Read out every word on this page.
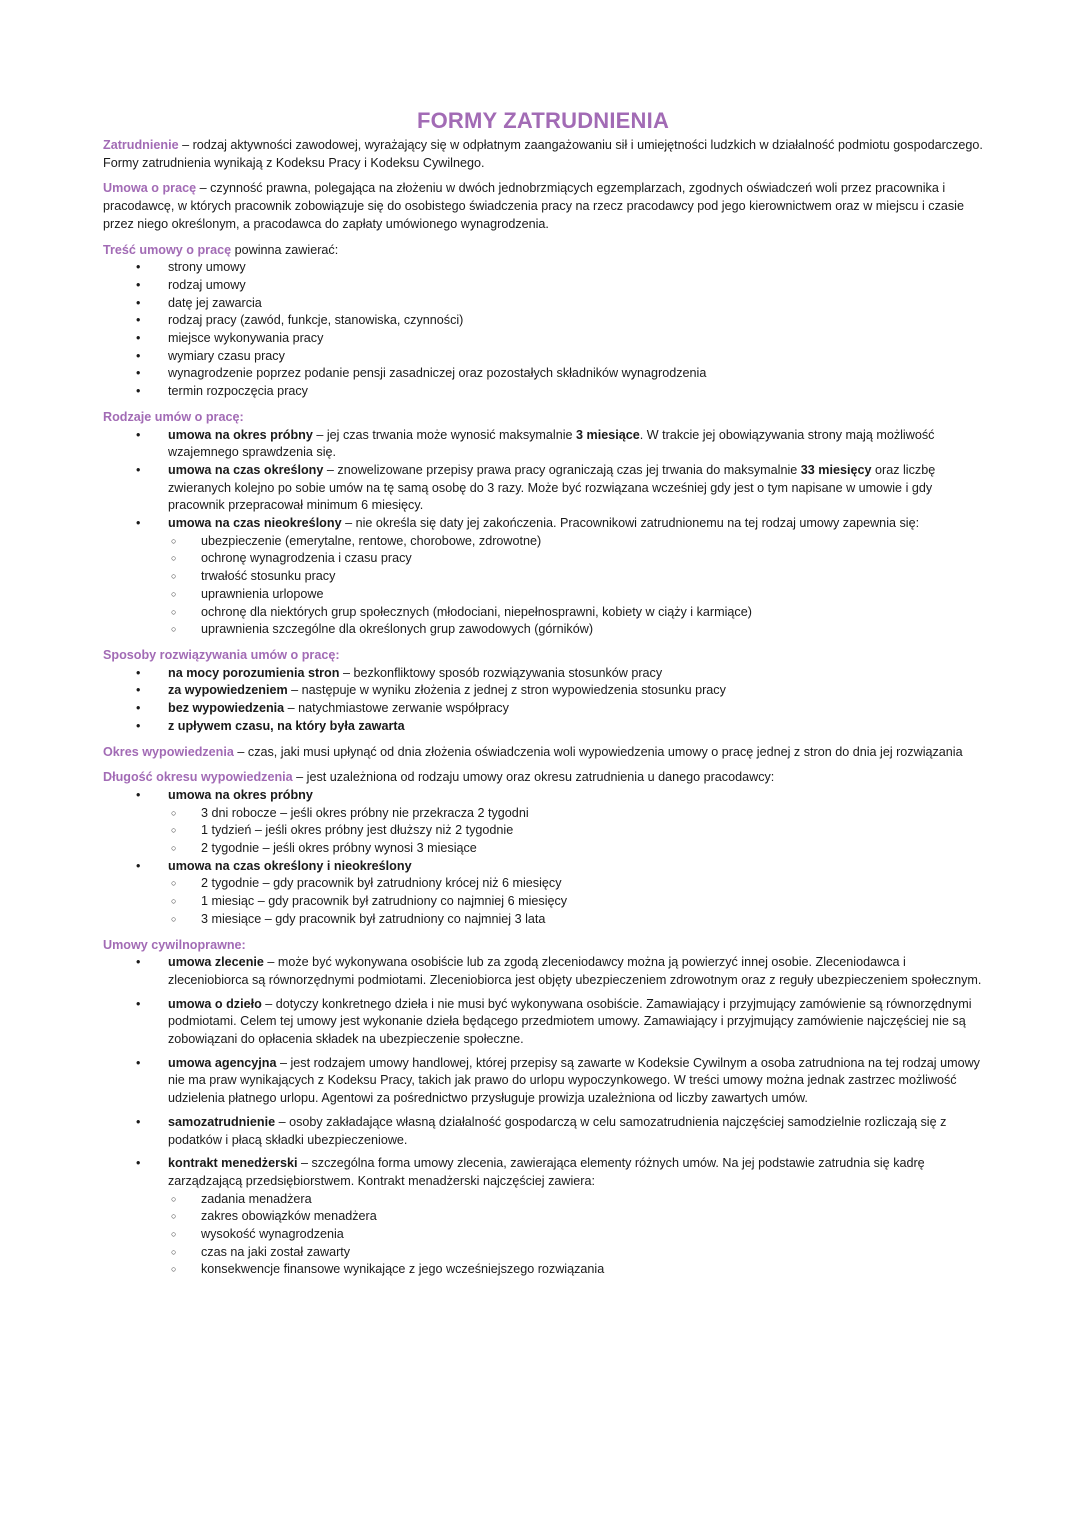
FORMY ZATRUDNIENIA

Zatrudnienie – rodzaj aktywności zawodowej, wyrażający się w odpłatnym zaangażowaniu sił i umiejętności ludzkich w działalność podmiotu gospodarczego. Formy zatrudnienia wynikają z Kodeksu Pracy i Kodeksu Cywilnego.

Umowa o pracę – czynność prawna, polegająca na złożeniu w dwóch jednobrzmiących egzemplarzach, zgodnych oświadczeń woli przez pracownika i pracodawcę, w których pracownik zobowiązuje się do osobistego świadczenia pracy na rzecz pracodawcy pod jego kierownictwem oraz w miejscu i czasie przez niego określonym, a pracodawca do zapłaty umówionego wynagrodzenia.

Treść umowy o pracę powinna zawierać:

• strony umowy
• rodzaj umowy
• datę jej zawarcia
• rodzaj pracy (zawód, funkcje, stanowiska, czynności)
• miejsce wykonywania pracy
• wymiary czasu pracy
• wynagrodzenie poprzez podanie pensji zasadniczej oraz pozostałych składników wynagrodzenia
• termin rozpoczęcia pracy

Rodzaje umów o pracę:

• umowa na okres próbny – jej czas trwania może wynosić maksymalnie 3 miesiące. W trakcie jej obowiązywania strony mają możliwość wzajemnego sprawdzenia się.
• umowa na czas określony – znowelizowane przepisy prawa pracy ograniczają czas jej trwania do maksymalnie 33 miesięcy oraz liczbę zwieranych kolejno po sobie umów na tę samą osobę do 3 razy. Może być rozwiązana wcześniej gdy jest o tym napisane w umowie i gdy pracownik przepracował minimum 6 miesięcy.
• umowa na czas nieokreślony – nie określa się daty jej zakończenia. Pracownikowi zatrudnionemu na tej rodzaj umowy zapewnia się:
○ ubezpieczenie (emerytalne, rentowe, chorobowe, zdrowotne)
○ ochronę wynagrodzenia i czasu pracy
○ trwałość stosunku pracy
○ uprawnienia urlopowe
○ ochronę dla niektórych grup społecznych (młodociani, niepełnosprawni, kobiety w ciąży i karmiące)
○ uprawnienia szczególne dla określonych grup zawodowych (górników)

Sposoby rozwiązywania umów o pracę:

• na mocy porozumienia stron – bezkonfliktowy sposób rozwiązywania stosunków pracy
• za wypowiedzeniem – następuje w wyniku złożenia z jednej z stron wypowiedzenia stosunku pracy
• bez wypowiedzenia – natychmiastowe zerwanie współpracy
• z upływem czasu, na który była zawarta

Okres wypowiedzenia – czas, jaki musi upłynąć od dnia złożenia oświadczenia woli wypowiedzenia umowy o pracę jednej z stron do dnia jej rozwiązania

Długość okresu wypowiedzenia – jest uzależniona od rodzaju umowy oraz okresu zatrudnienia u danego pracodawcy:

• umowa na okres próbny
○ 3 dni robocze – jeśli okres próbny nie przekracza 2 tygodni
○ 1 tydzień – jeśli okres próbny jest dłuższy niż 2 tygodnie
○ 2 tygodnie – jeśli okres próbny wynosi 3 miesiące
• umowa na czas określony i nieokreślony
○ 2 tygodnie – gdy pracownik był zatrudniony krócej niż 6 miesięcy
○ 1 miesiąc – gdy pracownik był zatrudniony co najmniej 6 miesięcy
○ 3 miesiące – gdy pracownik był zatrudniony co najmniej 3 lata

Umowy cywilnoprawne:

• umowa zlecenie – może być wykonywana osobiście lub za zgodą zleceniodawcy można ją powierzyć innej osobie. Zleceniodawca i zleceniobiorca są równorzędnymi podmiotami. Zleceniobiorca jest objęty ubezpieczeniem zdrowotnym oraz z reguły ubezpieczeniem społecznym.
• umowa o dzieło – dotyczy konkretnego dzieła i nie musi być wykonywana osobiście. Zamawiający i przyjmujący zamówienie są równorzędnymi podmiotami. Celem tej umowy jest wykonanie dzieła będącego przedmiotem umowy. Zamawiający i przyjmujący zamówienie najczęściej nie są zobowiązani do opłacenia składek na ubezpieczenie społeczne.
• umowa agencyjna – jest rodzajem umowy handlowej, której przepisy są zawarte w Kodeksie Cywilnym a osoba zatrudniona na tej rodzaj umowy nie ma praw wynikających z Kodeksu Pracy, takich jak prawo do urlopu wypoczynkowego. W treści umowy można jednak zastrzec możliwość udzielenia płatnego urlopu. Agentowi za pośrednictwo przysługuje prowizja uzależniona od liczby zawartych umów.
• samozatrudnienie – osoby zakładające własną działalność gospodarczą w celu samozatrudnienia najczęściej samodzielnie rozliczają się z podatków i płacą składki ubezpieczeniowe.
• kontrakt menedżerski – szczególna forma umowy zlecenia, zawierająca elementy różnych umów. Na jej podstawie zatrudnia się kadrę zarządzającą przedsiębiorstwem. Kontrakt menadżerski najczęściej zawiera:
○ zadania menadżera
○ zakres obowiązków menadżera
○ wysokość wynagrodzenia
○ czas na jaki został zawarty
○ konsekwencje finansowe wynikające z jego wcześniejszego rozwiązania
